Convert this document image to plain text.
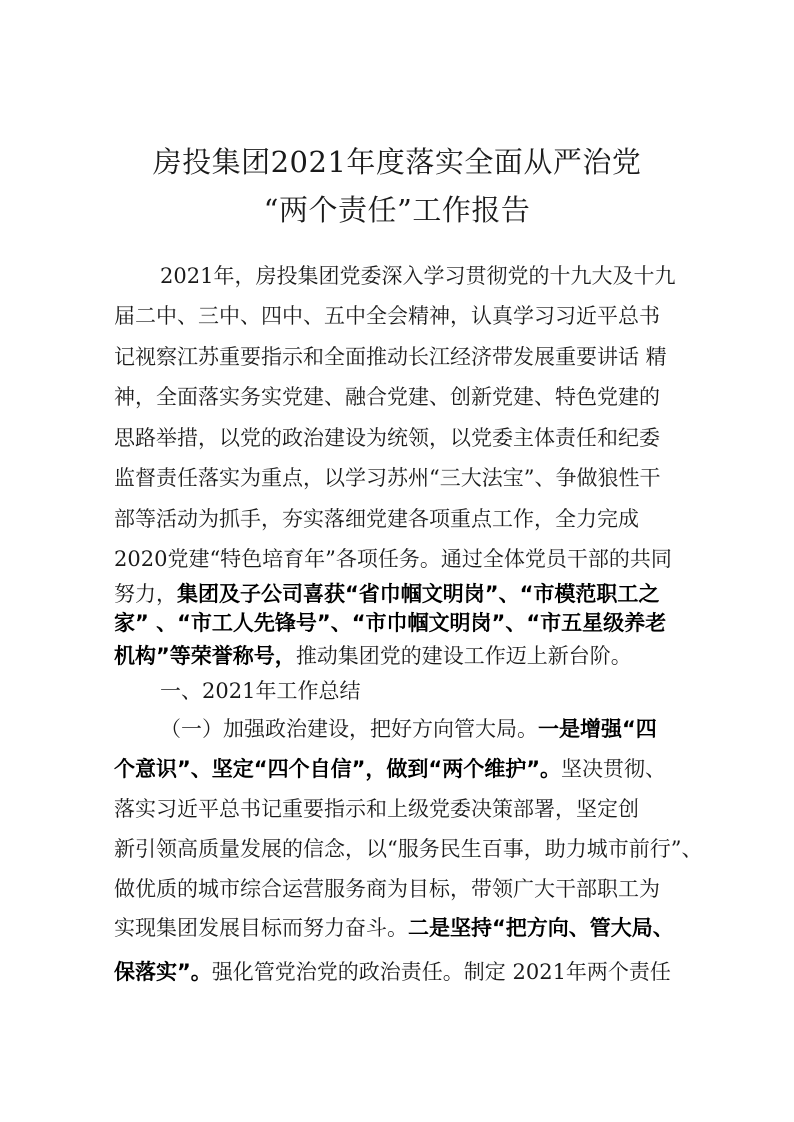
房投集团2021年度落实全面从严治党
“两个责任”工作报告
2021年，房投集团党委深入学习贯彻党的十九大及十九
届二中、三中、四中、五中全会精神，认真学习习近平总书
记视察江苏重要指示和全面推动长江经济带发展重要讲话 精
神，全面落实务实党建、融合党建、创新党建、特色党建的
思路举措，以党的政治建设为统领，以党委主体责任和纪委
监督责任落实为重点，以学习苏州“三大法宝”、争做狼性干
部等活动为抓手，夯实落细党建各项重点工作，全力完成
2020党建“特色培育年”各项任务。通过全体党员干部的共同
努力，集团及子公司喜获“省巾帼文明岗”、“市模范职工之
家” 、“市工人先锋号”、“市巾帼文明岗”、“市五星级养老
机构”等荣誉称号，推动集团党的建设工作迈上新台阶。
一、2021年工作总结
（一）加强政治建设，把好方向管大局。一是增强“四
个意识”、坚定“四个自信”，做到“两个维护”。坚决贯彻、
落实习近平总书记重要指示和上级党委决策部署，坚定创
新引领高质量发展的信念，以“服务民生百事，助力城市前行”、
做优质的城市综合运营服务商为目标，带领广大干部职工为
实现集团发展目标而努力奋斗。二是坚持“把方向、管大局、
保落实”。强化管党治党的政治责任。制定 2021年两个责任
